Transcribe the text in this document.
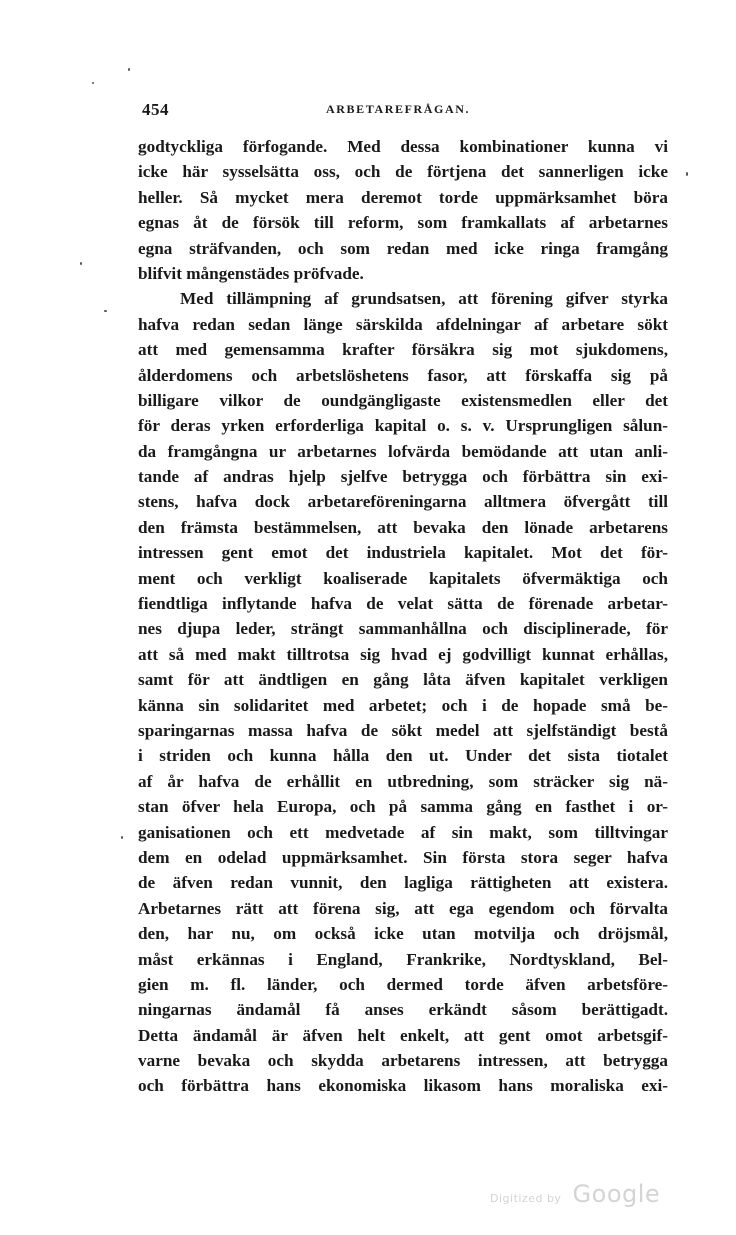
454	ARBETAREFRÅGAN.
godtyckliga förfogande. Med dessa kombinationer kunna vi
icke här sysselsätta oss, och de förtjena det sannerligen icke
heller. Så mycket mera deremot torde uppmärksamhet böra
egnas åt de försök till reform, som framkallats af arbetarnes
egna sträfvanden, och som redan med icke ringa framgång
blifvit mångenstädes pröfvade.
Med tillämpning af grundsatsen, att förening gifver styrka
hafva redan sedan länge särskilda afdelningar af arbetare sökt
att med gemensamma krafter försäkra sig mot sjukdomens,
ålderdomens och arbetslöshetens fasor, att förskaffa sig på
billigare vilkor de oundgängligaste existensmedlen eller det
för deras yrken erforderliga kapital o. s. v. Ursprungligen sålun-
da framgångna ur arbetarnes lofvärda bemödande att utan anli-
tande af andras hjelp sjelfve betrygga och förbättra sin exi-
stens, hafva dock arbetareföreningarna alltmera öfvergått till
den främsta bestämmelsen, att bevaka den lönade arbetarens
intressen gent emot det industriela kapitalet. Mot det för-
ment och verkligt koaliserade kapitalets öfvermäktiga och
fiendtliga inflytande hafva de velat sätta de förenade arbetar-
nes djupa leder, strängt sammanhållna och disciplinerade, för
att så med makt tilltrotsa sig hvad ej godvilligt kunnat erhållas,
samt för att ändtligen en gång låta äfven kapitalet verkligen
känna sin solidaritet med arbetet; och i de hopade små be-
sparingarnas massa hafva de sökt medel att sjelfständigt bestå
i striden och kunna hålla den ut. Under det sista tiotalet
af år hafva de erhållit en utbredning, som sträcker sig nä-
stan öfver hela Europa, och på samma gång en fasthet i or-
ganisationen och ett medvetade af sin makt, som tilltvingar
dem en odelad uppmärksamhet. Sin första stora seger hafva
de äfven redan vunnit, den lagliga rättigheten att existera.
Arbetarnes rätt att förena sig, att ega egendom och förvalta
den, har nu, om också icke utan motvilja och dröjsmål,
måst erkännas i England, Frankrike, Nordtyskland, Bel-
gien m. fl. länder, och dermed torde äfven arbetsföre-
ningarnas ändamål få anses erkändt såsom berättigadt.
Detta ändamål är äfven helt enkelt, att gent omot arbetsgif-
varne bevaka och skydda arbetarens intressen, att betrygga
och förbättra hans ekonomiska likasom hans moraliska exi-
Digitized by Google
